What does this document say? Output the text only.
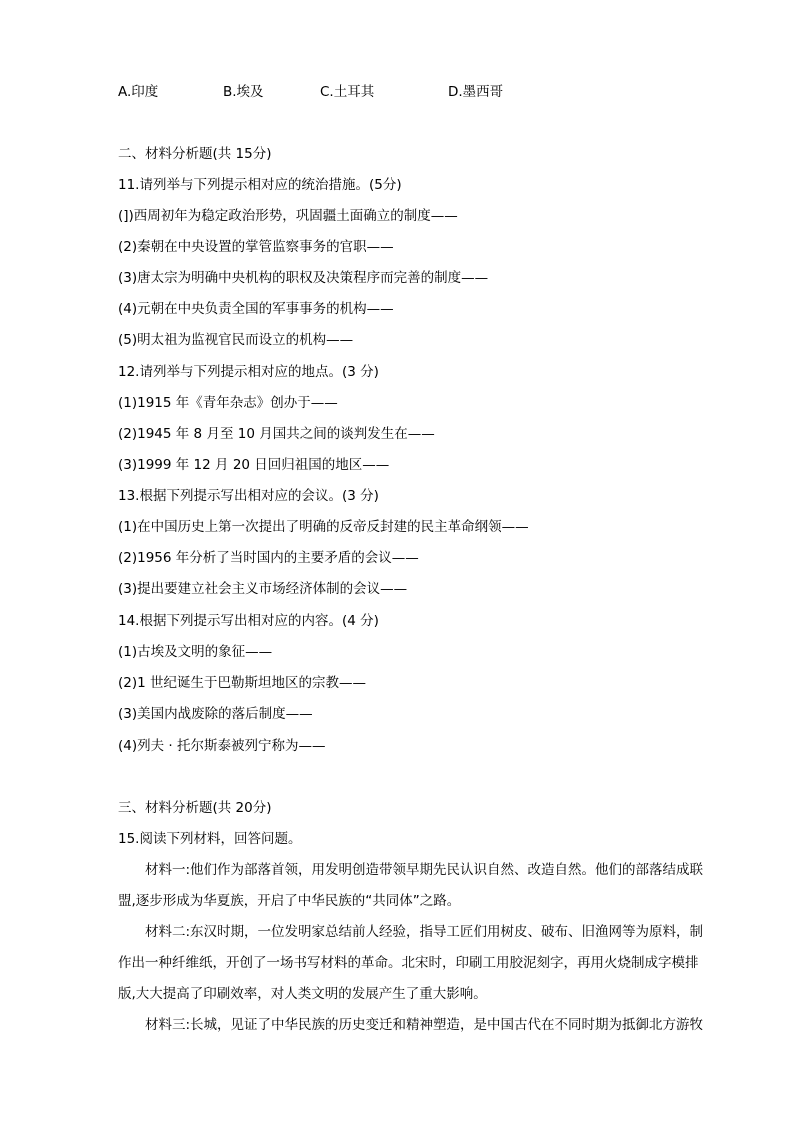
A.印度	B.埃及	C.土耳其	D.墨西哥
二、材料分析题(共 15分)
11.请列举与下列提示相对应的统治措施。(5分)
(])西周初年为稳定政治形势，巩固疆土面确立的制度——
(2)秦朝在中央设置的掌管监察事务的官职——
(3)唐太宗为明确中央机构的职权及决策程序而完善的制度——
(4)元朝在中央负责全国的军事事务的机构——
(5)明太祖为监视官民而设立的机构——
12.请列举与下列提示相对应的地点。(3 分)
(1)1915 年《青年杂志》创办于——
(2)1945 年 8 月至 10 月国共之间的谈判发生在——
(3)1999 年 12 月 20 日回归祖国的地区——
13.根据下列提示写出相对应的会议。(3 分)
(1)在中国历史上第一次提出了明确的反帝反封建的民主革命纲领——
(2)1956 年分析了当时国内的主要矛盾的会议——
(3)提出要建立社会主义市场经济体制的会议——
14.根据下列提示写出相对应的内容。(4 分)
(1)古埃及文明的象征——
(2)1 世纪诞生于巴勒斯坦地区的宗教——
(3)美国内战废除的落后制度——
(4)列夫 · 托尔斯泰被列宁称为——
三、材料分析题(共 20分)
15.阅读下列材料，回答问题。
材料一:他们作为部落首领，用发明创造带领早期先民认识自然、改造自然。他们的部落结成联盟,逐步形成为华夏族，开启了中华民族的“共同体”之路。
材料二:东汉时期，一位发明家总结前人经验，指导工匠们用树皮、破布、旧渔网等为原料，制作出一种纤维纸，开创了一场书写材料的革命。北宋时，印刷工用胶泥刻字，再用火烧制成字模排版,大大提高了印刷效率，对人类文明的发展产生了重大影响。
材料三:长城，见证了中华民族的历史变迁和精神塑造，是中国古代在不同时期为抵御北方游牧
